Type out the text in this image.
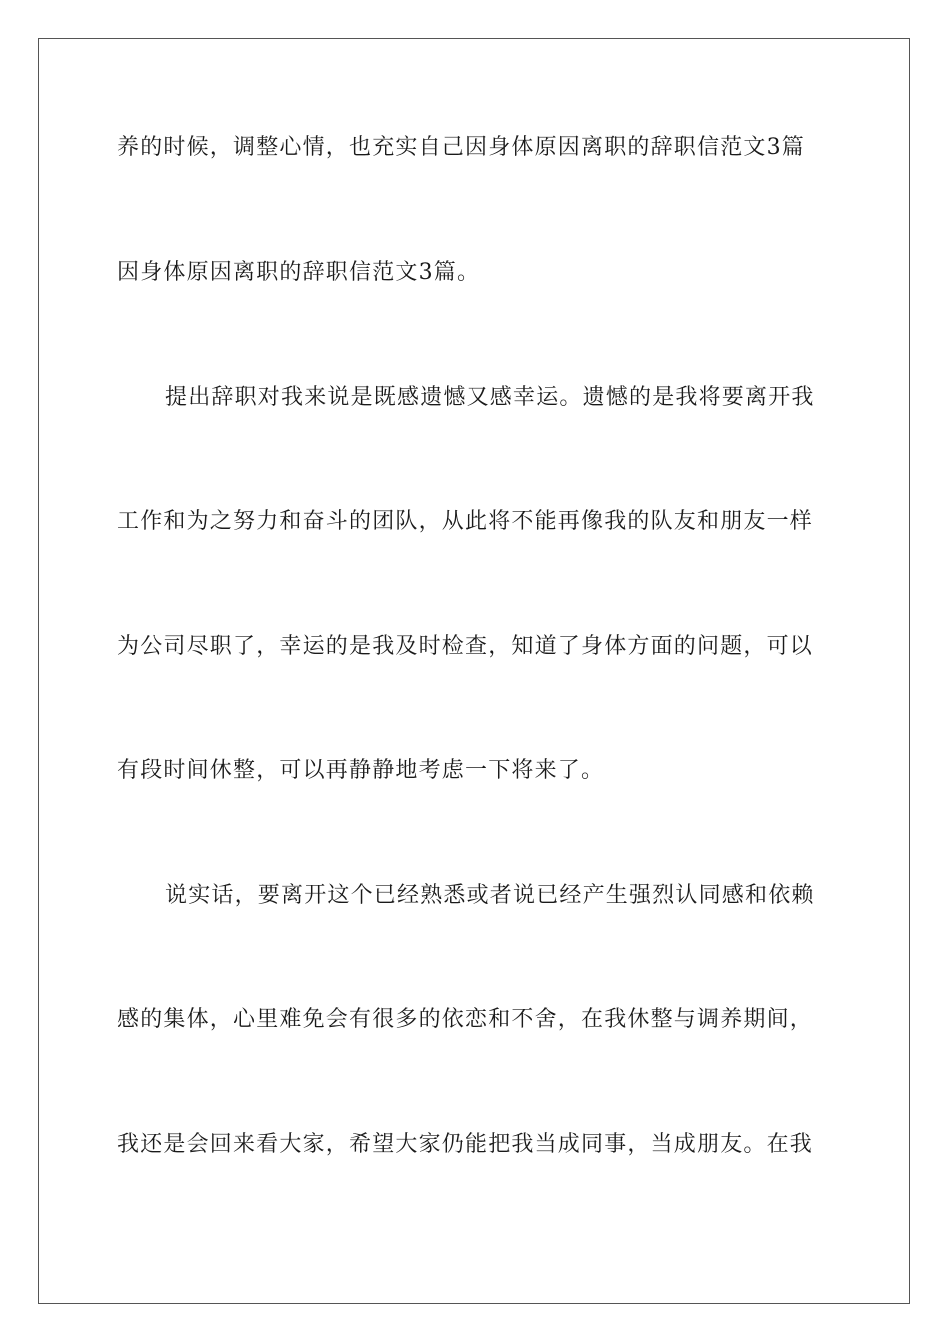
养的时候，调整心情，也充实自己因身体原因离职的辞职信范文3篇
因身体原因离职的辞职信范文3篇。
提出辞职对我来说是既感遗憾又感幸运。遗憾的是我将要离开我
工作和为之努力和奋斗的团队，从此将不能再像我的队友和朋友一样
为公司尽职了，幸运的是我及时检查，知道了身体方面的问题，可以
有段时间休整，可以再静静地考虑一下将来了。
说实话，要离开这个已经熟悉或者说已经产生强烈认同感和依赖
感的集体，心里难免会有很多的依恋和不舍，在我休整与调养期间，
我还是会回来看大家，希望大家仍能把我当成同事，当成朋友。在我
